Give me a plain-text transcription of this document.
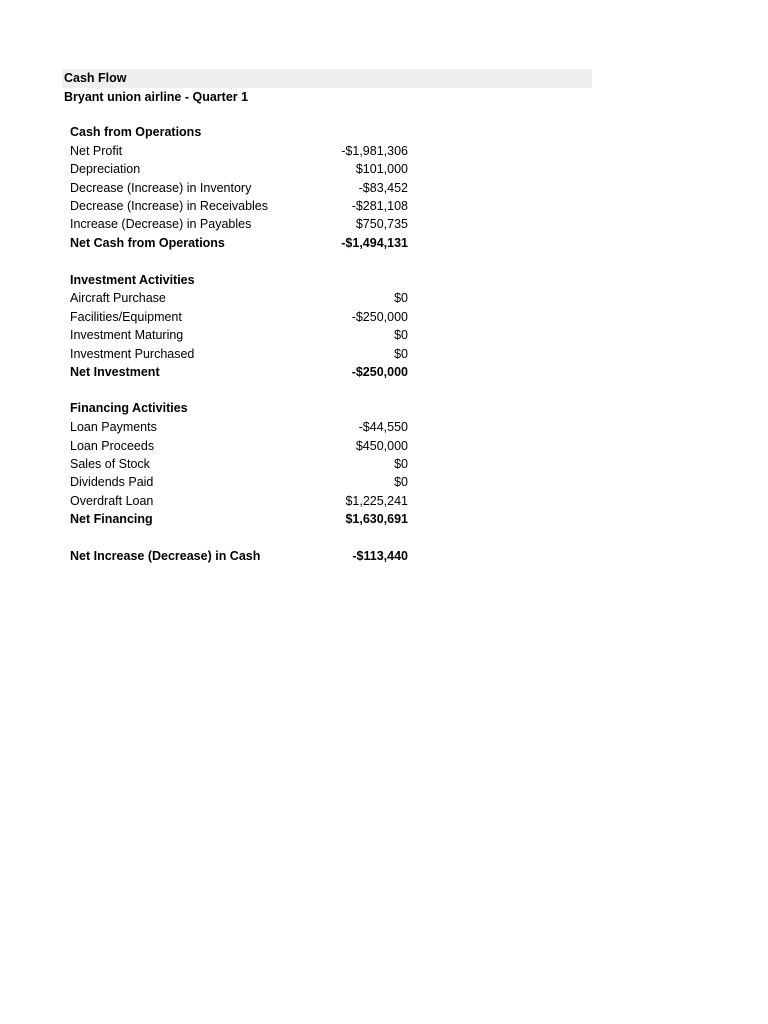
Cash Flow
Bryant union airline - Quarter 1
Cash from Operations
Net Profit	-$1,981,306
Depreciation	$101,000
Decrease (Increase) in Inventory	-$83,452
Decrease (Increase) in Receivables	-$281,108
Increase (Decrease) in Payables	$750,735
Net Cash from Operations	-$1,494,131
Investment Activities
Aircraft Purchase	$0
Facilities/Equipment	-$250,000
Investment Maturing	$0
Investment Purchased	$0
Net Investment	-$250,000
Financing Activities
Loan Payments	-$44,550
Loan Proceeds	$450,000
Sales of Stock	$0
Dividends Paid	$0
Overdraft Loan	$1,225,241
Net Financing	$1,630,691
Net Increase (Decrease) in Cash	-$113,440
